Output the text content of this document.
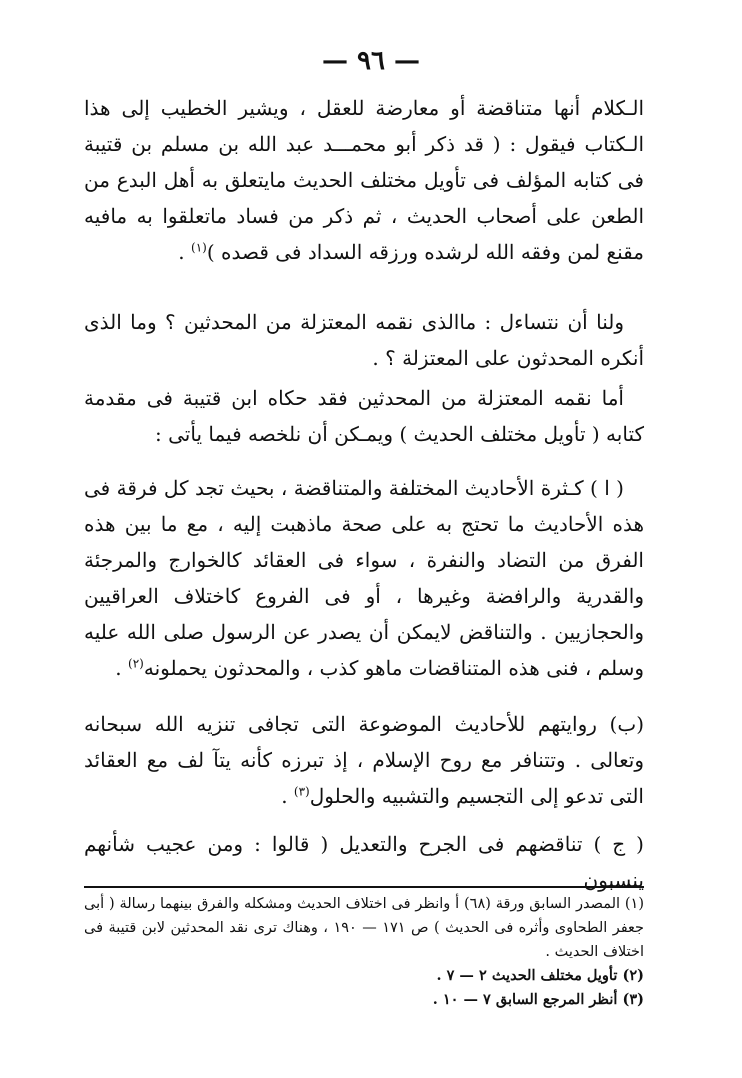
— ٩٦ —

الـكلام أنها متناقضة أو معارضة للعقل ، ويشير الخطيب إلى هذا الـكتاب فيقول : ( قد ذكر أبو محمـــد عبد الله بن مسلم بن قتيبة فى كتابه المؤلف فى تأويل مختلف الحديث مايتعلق به أهل البدع من الطعن على أصحاب الحديث ، ثم ذكر من فساد ماتعلقوا به مافيه مقنع لمن وفقه الله لرشده ورزقه السداد فى قصده )$^{(١)}$ .

ولنا أن نتساءل : ماالذى نقمه المعتزلة من المحدثين ؟ وما الذى أنكره المحدثون على المعتزلة ؟ .

أما نقمه المعتزلة من المحدثين فقد حكاه ابن قتيبة فى مقدمة كتابه ( تأويل مختلف الحديث ) ويمـكن أن نلخصه فيما يأتى :

( ا ) كـثرة الأحاديث المختلفة والمتناقضة ، بحيث تجد كل فرقة فى هذه الأحاديث ما تحتج به على صحة ماذهبت إليه ، مع ما بين هذه الفرق من التضاد والنفرة ، سواء فى العقائد كالخوارج والمرجئة والقدرية والرافضة وغيرها ، أو فى الفروع كاختلاف العراقيين والحجازيين . والتناقض لايمكن أن يصدر عن الرسول صلى الله عليه وسلم ، فنى هذه المتناقضات ماهو كذب ، والمحدثون يحملونه$^{(٢)}$ .

(ب) روايتهم للأحاديث الموضوعة التى تجافى تنزيه الله سبحانه وتعالى . وتتنافر مع روح الإسلام ، إذ تبرزه كأنه يتآ لف مع العقائد التى تدعو إلى التجسيم والتشبيه والحلول$^{(٣)}$ .

( ج ) تناقضهم فى الجرح والتعديل ( قالوا : ومن عجيب شأنهم ينسبون

(١) المصدر السابق ورقة (٦٨) أ وانظر فى اختلاف الحديث ومشكله والفرق بينهما رسالة ( أبى جعفر الطحاوى وأثره فى الحديث ) ص ١٧١ — ١٩٠ ، وهناك ترى نقد المحدثين لابن قتيبة فى اختلاف الحديث .

(٢) تأويل مختلف الحديث ٢ — ٧ .

(٣) أنظر المرجع السابق ٧ — ١٠ .
